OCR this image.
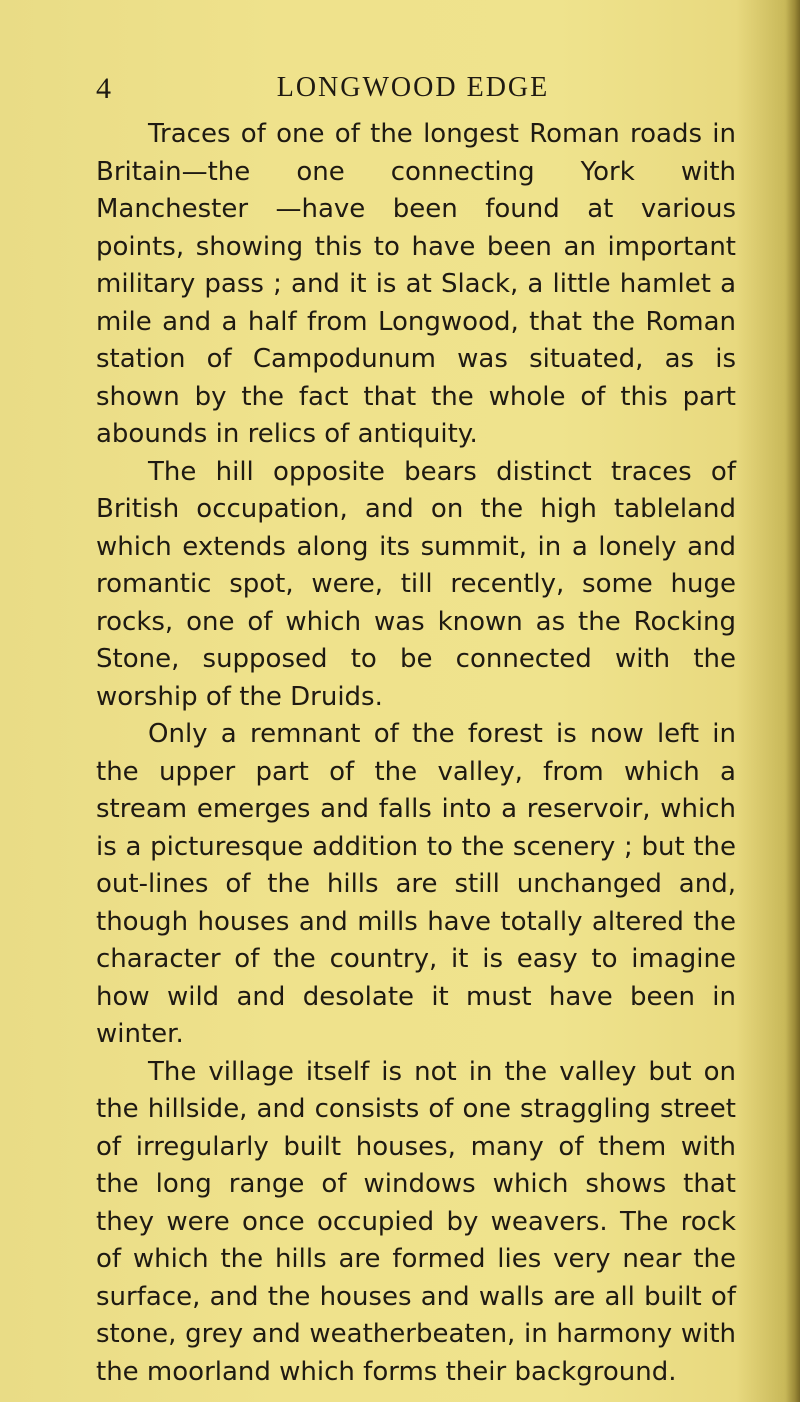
4	LONGWOOD EDGE

Traces of one of the longest Roman roads in Britain—the one connecting York with Manchester —have been found at various points, showing this to have been an important military pass ; and it is at Slack, a little hamlet a mile and a half from Longwood, that the Roman station of Campodunum was situated, as is shown by the fact that the whole of this part abounds in relics of antiquity.

The hill opposite bears distinct traces of British occupation, and on the high tableland which extends along its summit, in a lonely and romantic spot, were, till recently, some huge rocks, one of which was known as the Rocking Stone, supposed to be connected with the worship of the Druids.

Only a remnant of the forest is now left in the upper part of the valley, from which a stream emerges and falls into a reservoir, which is a picturesque addition to the scenery ; but the out-lines of the hills are still unchanged and, though houses and mills have totally altered the character of the country, it is easy to imagine how wild and desolate it must have been in winter.

The village itself is not in the valley but on the hillside, and consists of one straggling street of irregularly built houses, many of them with the long range of windows which shows that they were once occupied by weavers. The rock of which the hills are formed lies very near the surface, and the houses and walls are all built of stone, grey and weatherbeaten, in harmony with the moorland which forms their background.
